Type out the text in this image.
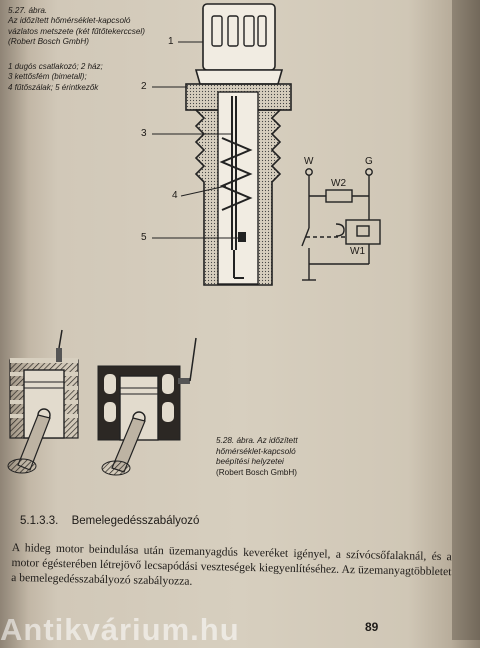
5.27. ábra.
Az időzített hőmérséklet-kapcsoló
vázlatos metszete (két fűtőtekerccsel)
(Robert Bosch GmbH)
1 dugós csatlakozó; 2 ház;
3 kettősfém (bimetall);
4 fűtőszálak; 5 érintkezők
1
2
3
4
5
W	G
W2
W1
5.28. ábra. Az időzített
hőmérséklet-kapcsoló
beépítési helyzetei
(Robert Bosch GmbH)
5.1.3.3. Bemelegedésszabályozó
A hideg motor beindulása után üzemanyagdús keveréket igényel, a szívócsőfalaknál, és a motor égésterében létrejövő lecsapódási veszteségek kiegyenlítéséhez. Az üzemanyagtöbbletet a bemelegedésszabályozó szabályozza.
89
Antikvárium.hu
